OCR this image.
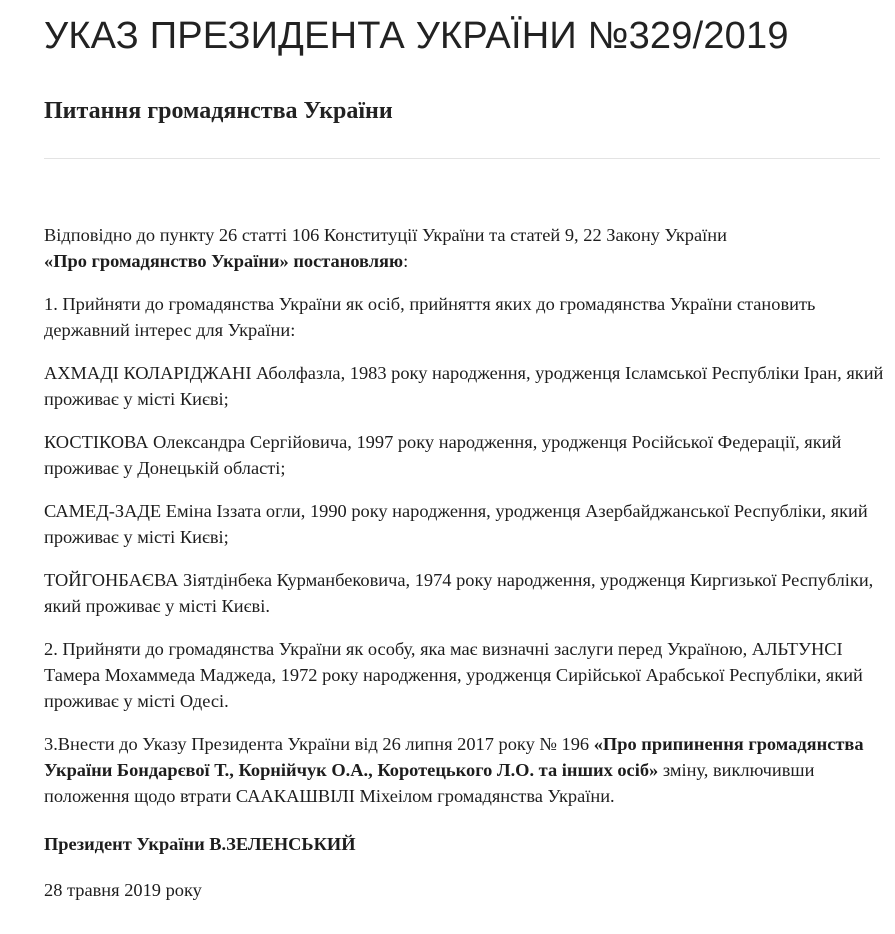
УКАЗ ПРЕЗИДЕНТА УКРАЇНИ №329/2019
Питання громадянства України

Відповідно до пункту 26 статті 106 Конституції України та статей 9, 22 Закону України
«Про громадянство України» постановляю:

1. Прийняти до громадянства України як осіб, прийняття яких до громадянства України становить державний інтерес для України:

АХМАДІ КОЛАРІДЖАНІ Аболфазла, 1983 року народження, уродженця Ісламської Республіки Іран, який проживає у місті Києві;

КОСТІКОВА Олександра Сергійовича, 1997 року народження, уродженця Російської Федерації, який проживає у Донецькій області;

САМЕД-ЗАДЕ Еміна Іззата огли, 1990 року народження, уродженця Азербайджанської Республіки, який проживає у місті Києві;

ТОЙГОНБАЄВА Зіятдінбека Курманбековича, 1974 року народження, уродженця Киргизької Республіки, який проживає у місті Києві.

2. Прийняти до громадянства України як особу, яка має визначні заслуги перед Україною, АЛЬТУНСІ Тамера Мохаммеда Маджеда, 1972 року народження, уродженця Сирійської Арабської Республіки, який проживає у місті Одесі.

3.Внести до Указу Президента України від 26 липня 2017 року № 196 «Про припинення громадянства України Бондарєвої Т., Корнійчук О.А., Коротецького Л.О. та інших осіб» зміну, виключивши положення щодо втрати СААКАШВІЛІ Міхеілом громадянства України.

Президент України В.ЗЕЛЕНСЬКИЙ

28 травня 2019 року
